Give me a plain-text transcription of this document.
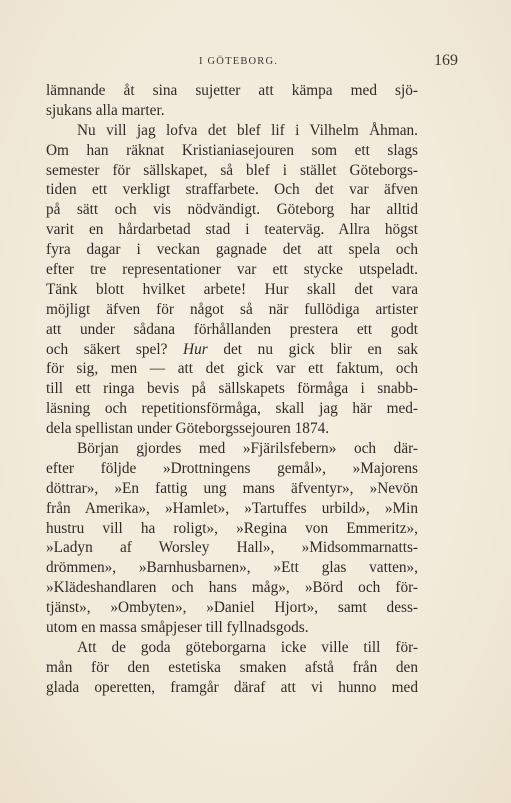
I GÖTEBORG.	169
lämnande åt sina sujetter att kämpa med sjö-
sjukans alla marter.
Nu vill jag lofva det blef lif i Vilhelm Åhman.
Om han räknat Kristianiasejouren som ett slags
semester för sällskapet, så blef i stället Göteborgs-
tiden ett verkligt straffarbete. Och det var äfven
på sätt och vis nödvändigt. Göteborg har alltid
varit en hårdarbetad stad i teaterväg. Allra högst
fyra dagar i veckan gagnade det att spela och
efter tre representationer var ett stycke utspeladt.
Tänk blott hvilket arbete! Hur skall det vara
möjligt äfven för något så när fullödiga artister
att under sådana förhållanden prestera ett godt
och säkert spel? Hur det nu gick blir en sak
för sig, men — att det gick var ett faktum, och
till ett ringa bevis på sällskapets förmåga i snabb-
läsning och repetitionsförmåga, skall jag här med-
dela spellistan under Göteborgssejouren 1874.
Början gjordes med »Fjärilsfebern» och där-
efter följde »Drottningens gemål», »Majorens
döttrar», »En fattig ung mans äfventyr», »Nevön
från Amerika», »Hamlet», »Tartuffes urbild», »Min
hustru vill ha roligt», »Regina von Emmeritz»,
»Ladyn af Worsley Hall», »Midsommarnatts-
drömmen», »Barnhusbarnen», »Ett glas vatten»,
»Klädeshandlaren och hans måg», »Börd och för-
tjänst», »Ombyten», »Daniel Hjort», samt dess-
utom en massa småpjeser till fyllnadsgods.
Att de goda göteborgarna icke ville till för-
mån för den estetiska smaken afstå från den
glada operetten, framgår däraf att vi hunno med
